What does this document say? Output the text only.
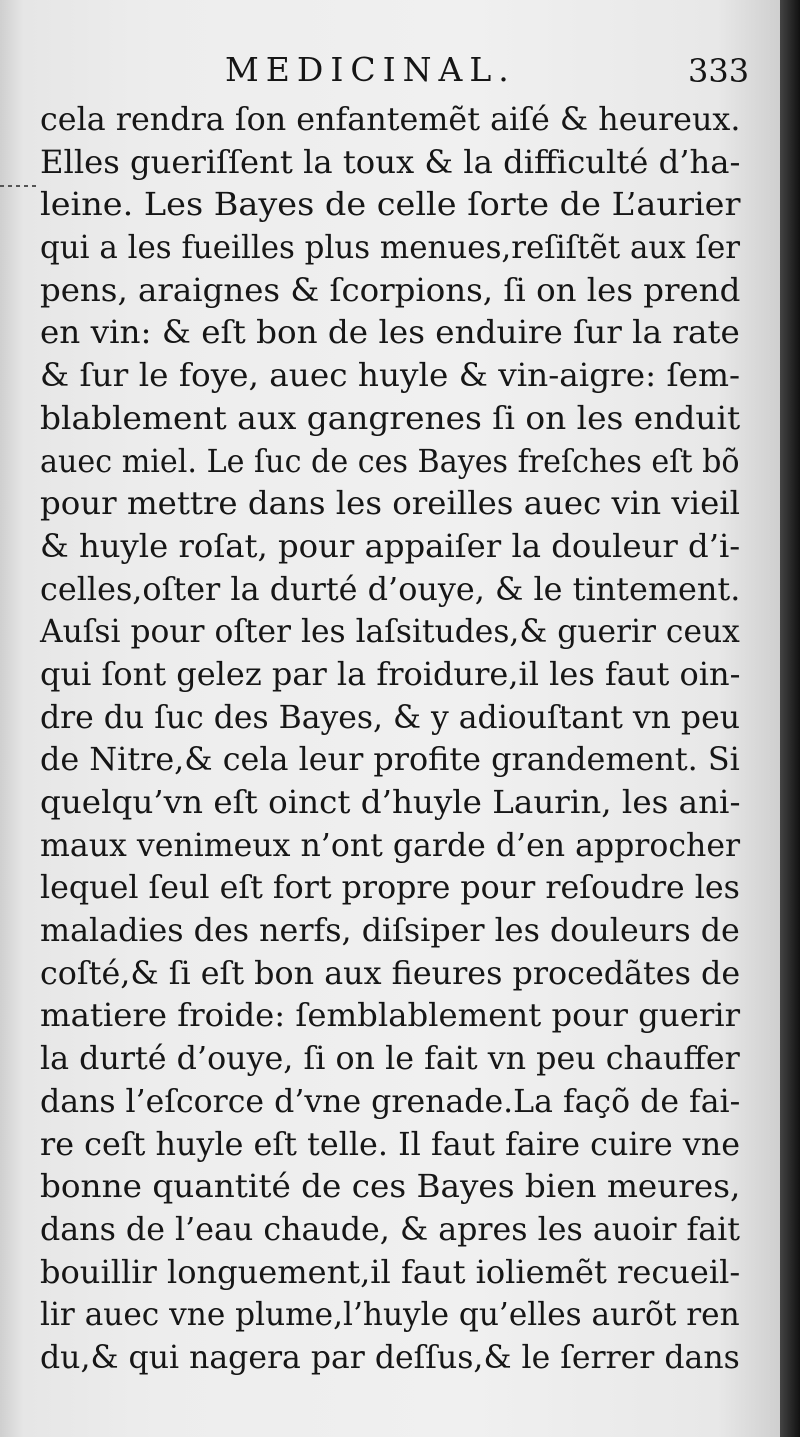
MEDICINAL.	333
cela rendra ſon enfantemẽt aiſé & heureux.
Elles gueriſſent la toux & la difficulté d’ha-
leine. Les Bayes de celle ſorte de L’aurier
qui a les fueilles plus menues,reſiſtẽt aux ſer
pens, araignes & ſcorpions, ſi on les prend
en vin: & eſt bon de les enduire ſur la rate
& ſur le foye, auec huyle & vin-aigre: ſem-
blablement aux gangrenes ſi on les enduit
auec miel. Le ſuc de ces Bayes freſches eſt bõ
pour mettre dans les oreilles auec vin vieil
& huyle roſat, pour appaiſer la douleur d’i-
celles,oſter la durté d’ouye, & le tintement.
Auſsi pour oſter les laſsitudes,& guerir ceux
qui ſont gelez par la froidure,il les faut oin-
dre du ſuc des Bayes, & y adiouſtant vn peu
de Nitre,& cela leur profite grandement. Si
quelqu’vn eſt oinct d’huyle Laurin, les ani-
maux venimeux n’ont garde d’en approcher
lequel ſeul eſt fort propre pour reſoudre les
maladies des nerfs, diſsiper les douleurs de
coſté,& ſi eſt bon aux fieures procedãtes de
matiere froide: ſemblablement pour guerir
la durté d’ouye, ſi on le fait vn peu chauffer
dans l’eſcorce d’vne grenade.La façõ de fai-
re ceſt huyle eſt telle. Il faut faire cuire vne
bonne quantité de ces Bayes bien meures,
dans de l’eau chaude, & apres les auoir fait
bouillir longuement,il faut ioliemẽt recueil-
lir auec vne plume,l’huyle qu’elles aurõt ren
du,& qui nagera par deſſus,& le ſerrer dans
